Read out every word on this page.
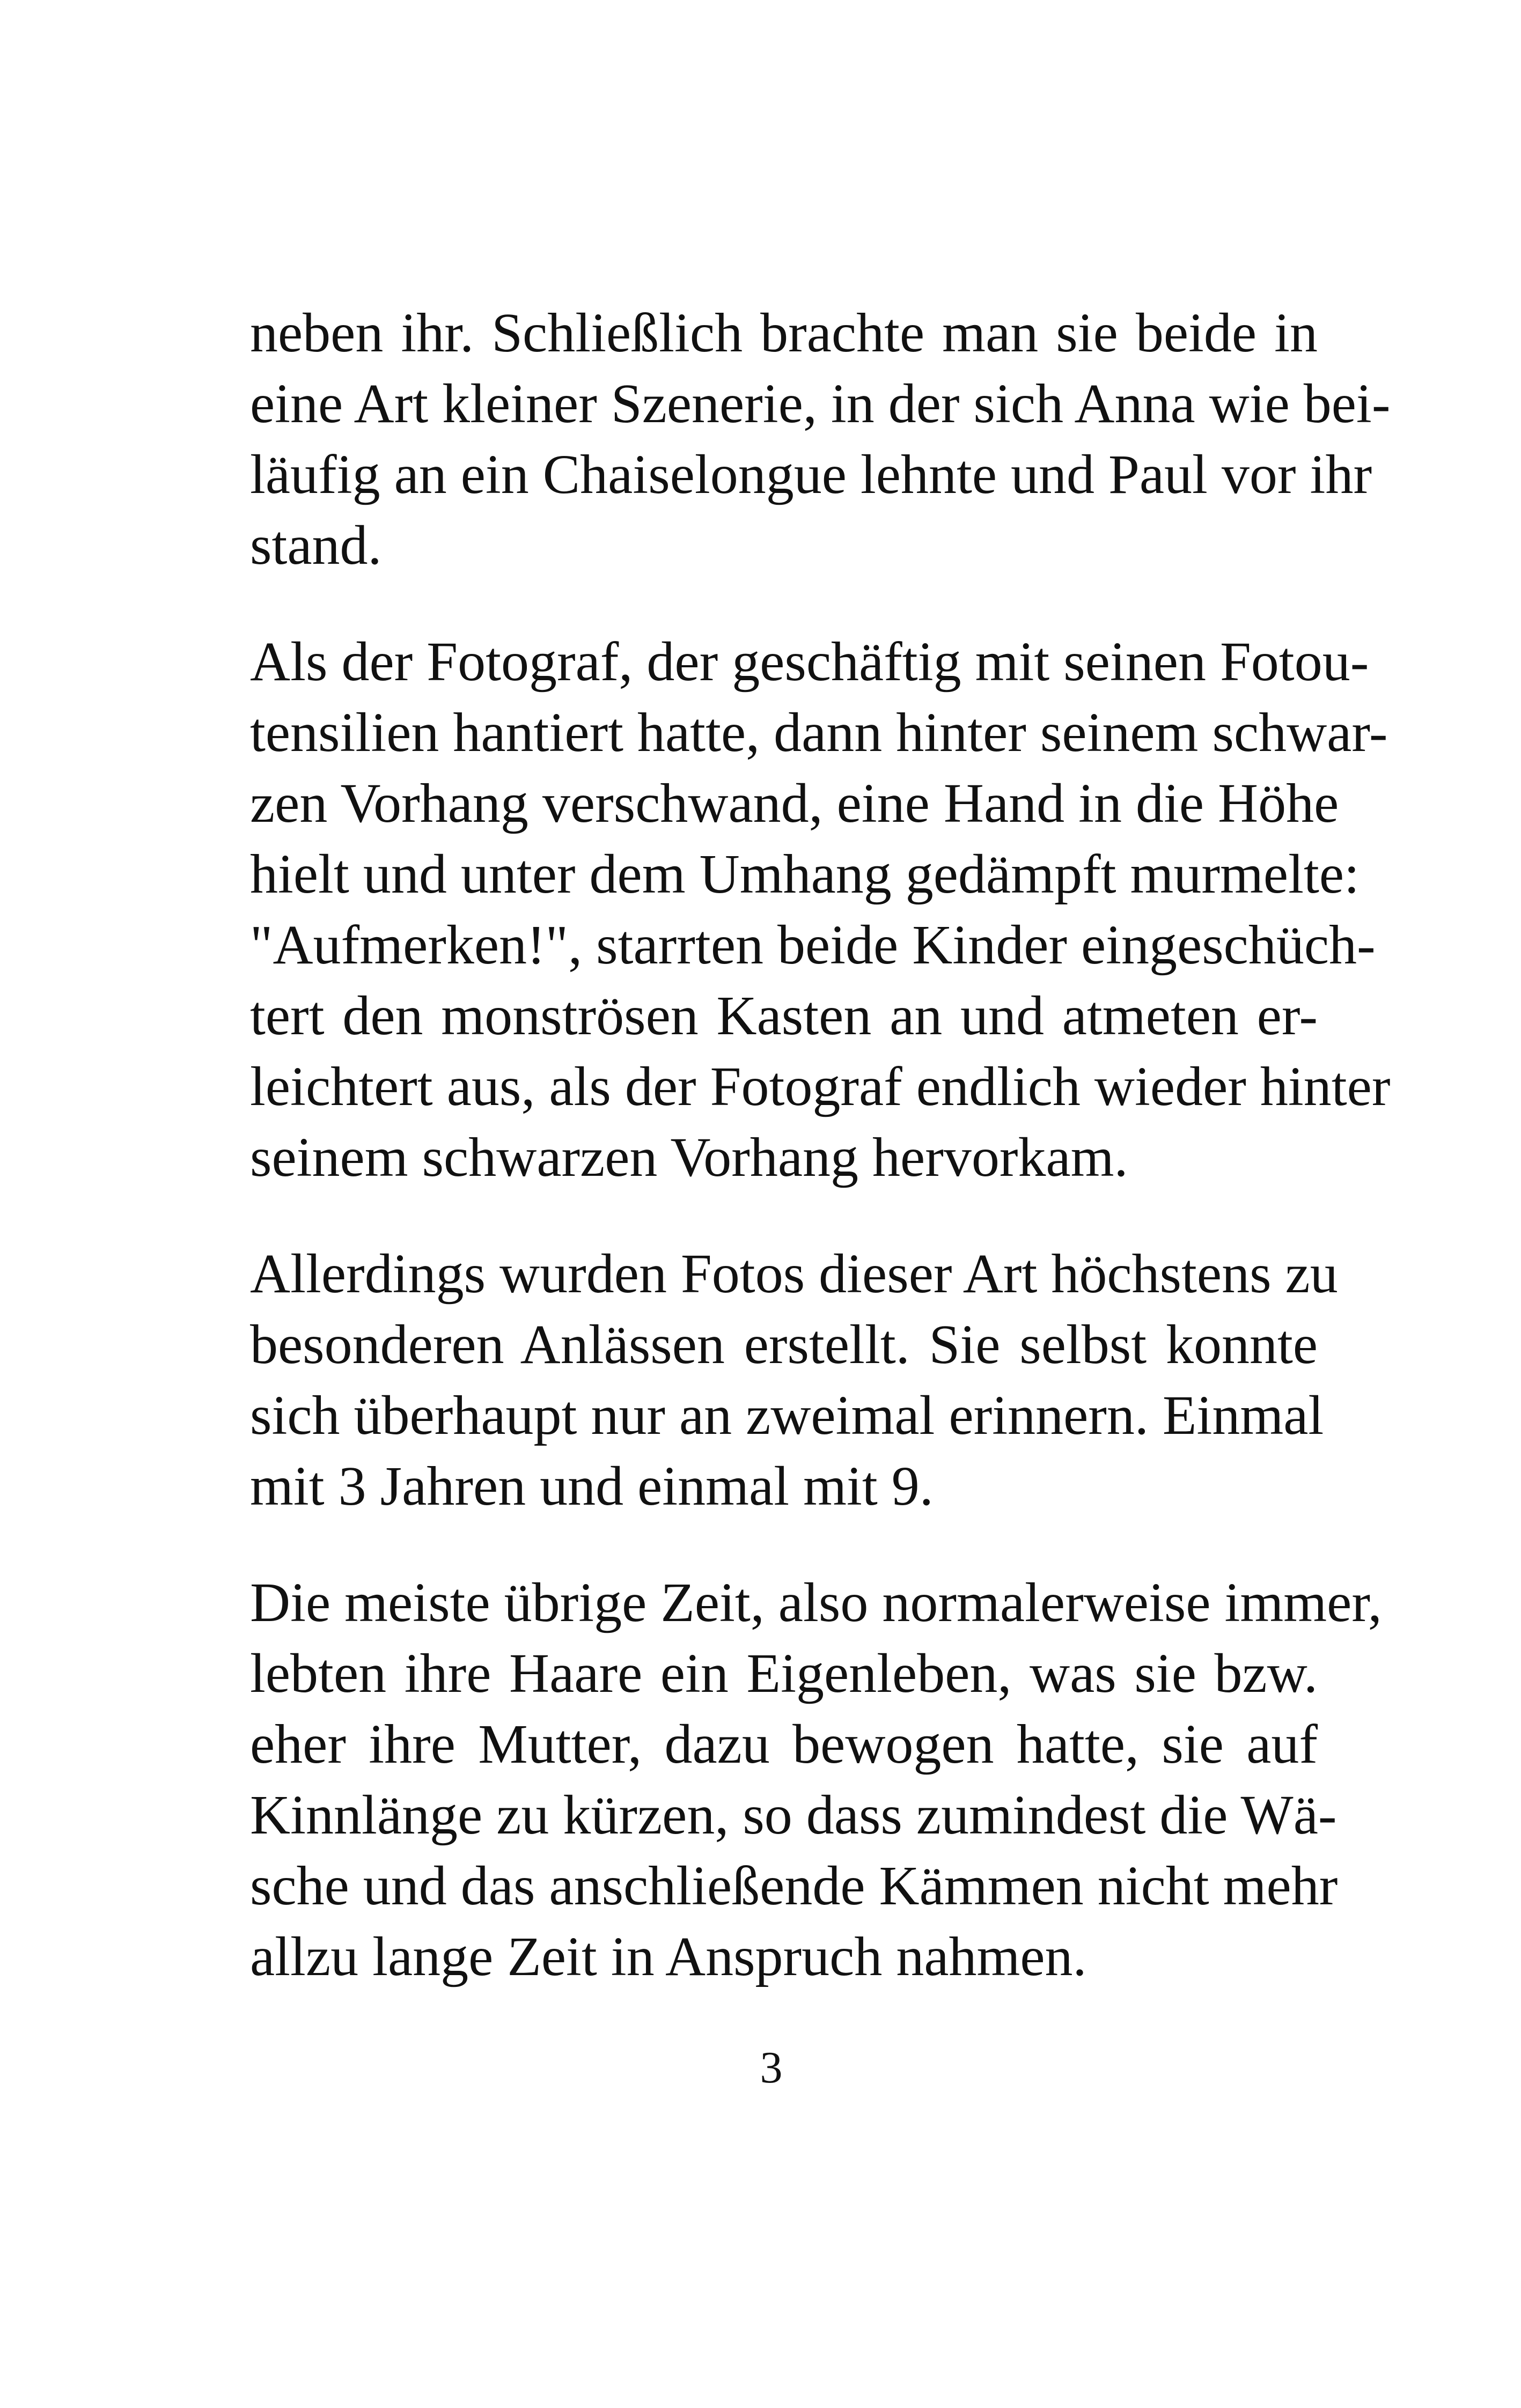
neben ihr. Schließlich brachte man sie beide in
eine Art kleiner Szenerie, in der sich Anna wie bei-
läufig an ein Chaiselongue lehnte und Paul vor ihr
stand.
Als der Fotograf, der geschäftig mit seinen Fotou-
tensilien hantiert hatte, dann hinter seinem schwar-
zen Vorhang verschwand, eine Hand in die Höhe
hielt und unter dem Umhang gedämpft murmelte:
"Aufmerken!", starrten beide Kinder eingeschüch-
tert den monströsen Kasten an und atmeten er-
leichtert aus, als der Fotograf endlich wieder hinter
seinem schwarzen Vorhang hervorkam.
Allerdings wurden Fotos dieser Art höchstens zu
besonderen Anlässen erstellt. Sie selbst konnte
sich überhaupt nur an zweimal erinnern. Einmal
mit 3 Jahren und einmal mit 9.
Die meiste übrige Zeit, also normalerweise immer,
lebten ihre Haare ein Eigenleben, was sie bzw.
eher ihre Mutter, dazu bewogen hatte, sie auf
Kinnlänge zu kürzen, so dass zumindest die Wä-
sche und das anschließende Kämmen nicht mehr
allzu lange Zeit in Anspruch nahmen.
3
